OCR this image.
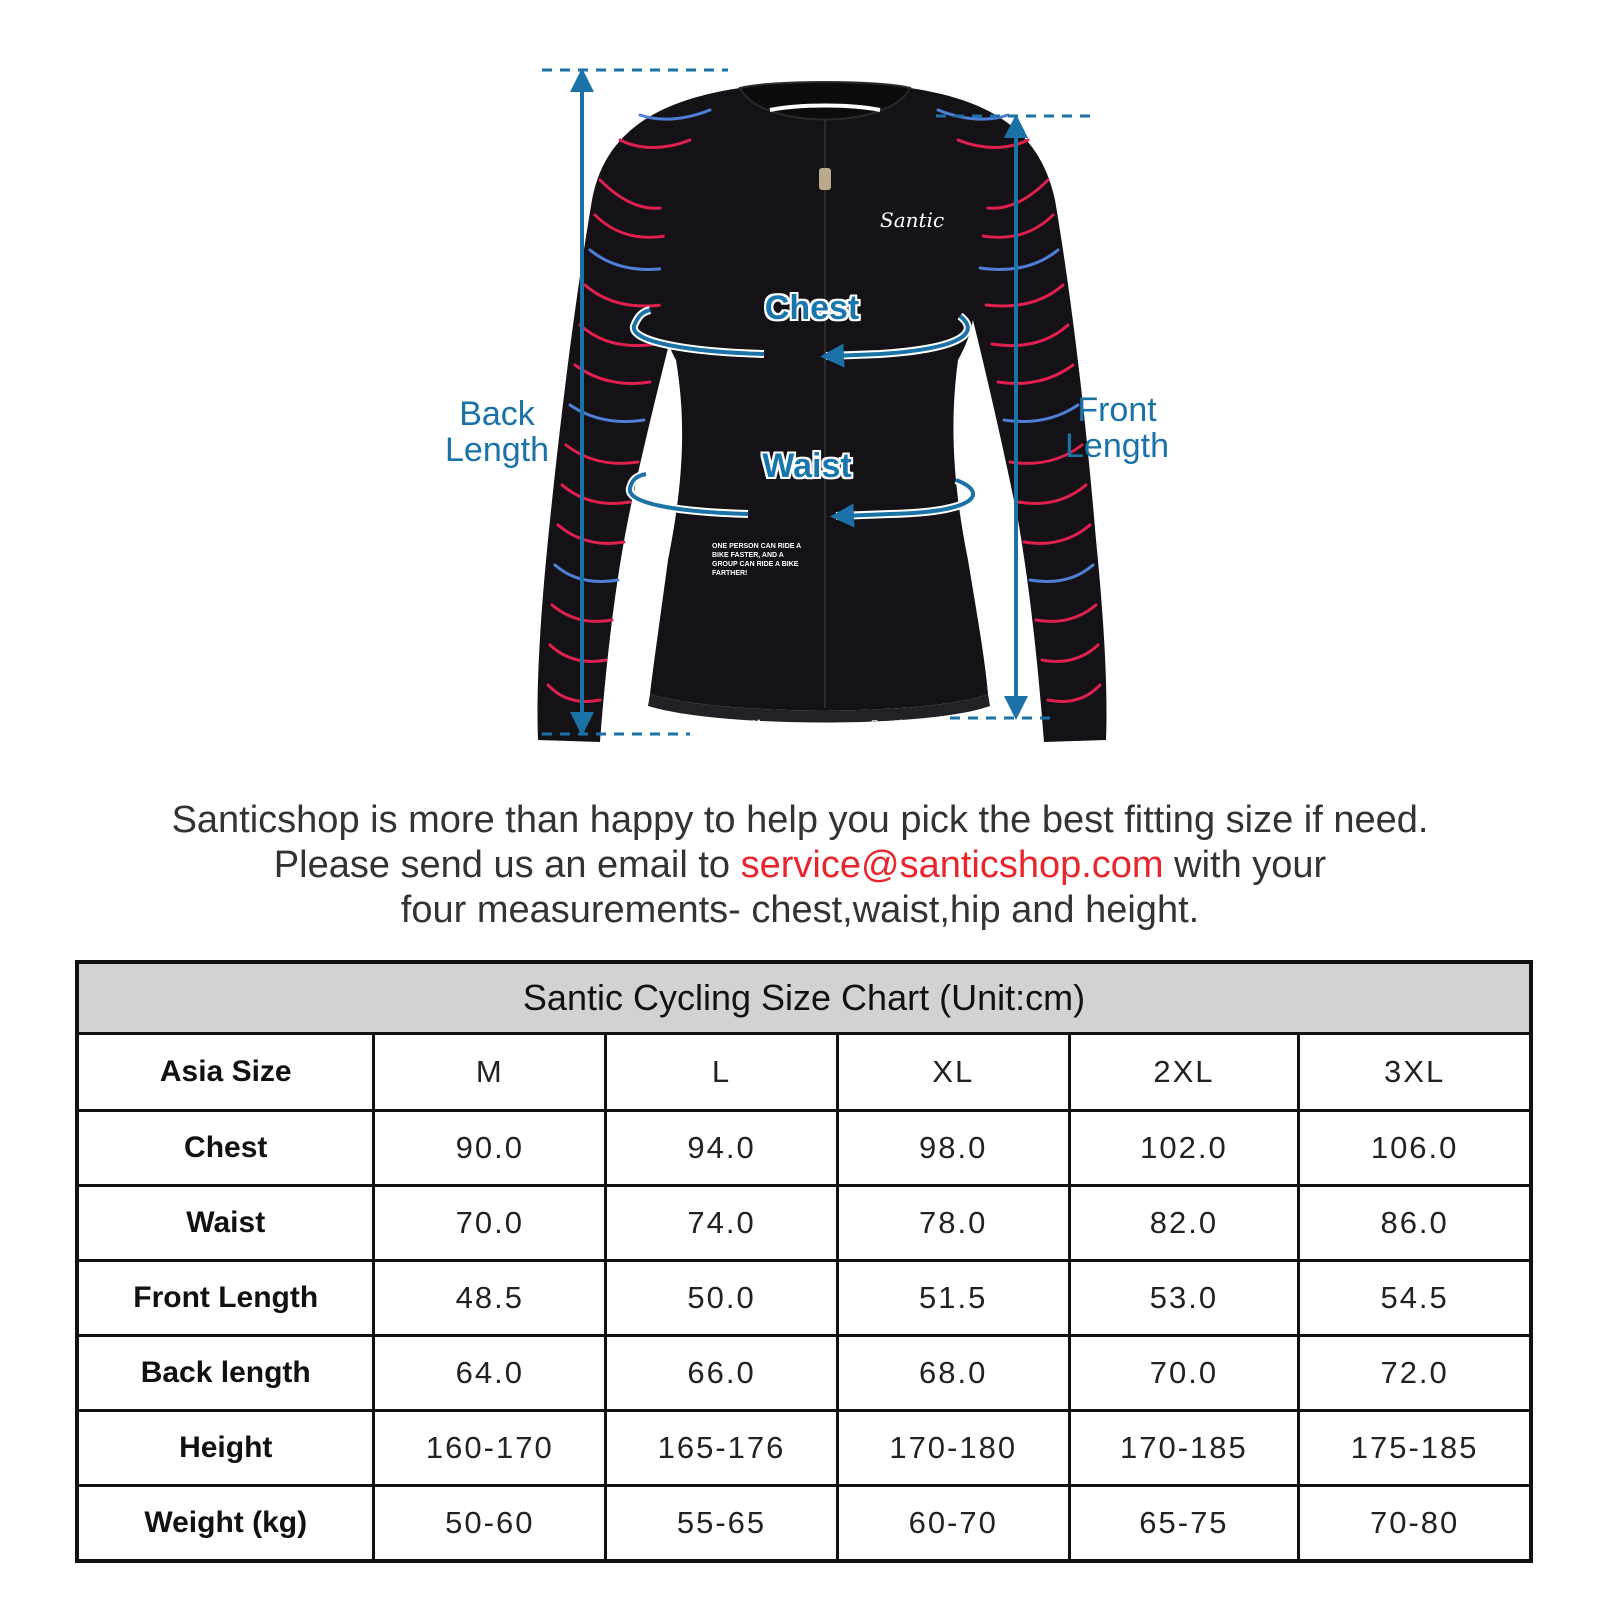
Santic
ONE PERSON CAN RIDE A BIKE FASTER, AND A GROUP CAN RIDE A BIKE FARTHER!
Santic	Santic
Back
Length
Front
Length
Chest
Waist
Santicshop is more than happy to help you pick the best fitting size if need.
Please send us an email to service@santicshop.com with your
four measurements- chest,waist,hip and height.
Santic Cycling Size Chart (Unit:cm)					
Asia Size	M	L	XL	2XL	3XL
Chest	90.0	94.0	98.0	102.0	106.0
Waist	70.0	74.0	78.0	82.0	86.0
Front Length	48.5	50.0	51.5	53.0	54.5
Back length	64.0	66.0	68.0	70.0	72.0
Height	160-170	165-176	170-180	170-185	175-185
Weight (kg)	50-60	55-65	60-70	65-75	70-80
